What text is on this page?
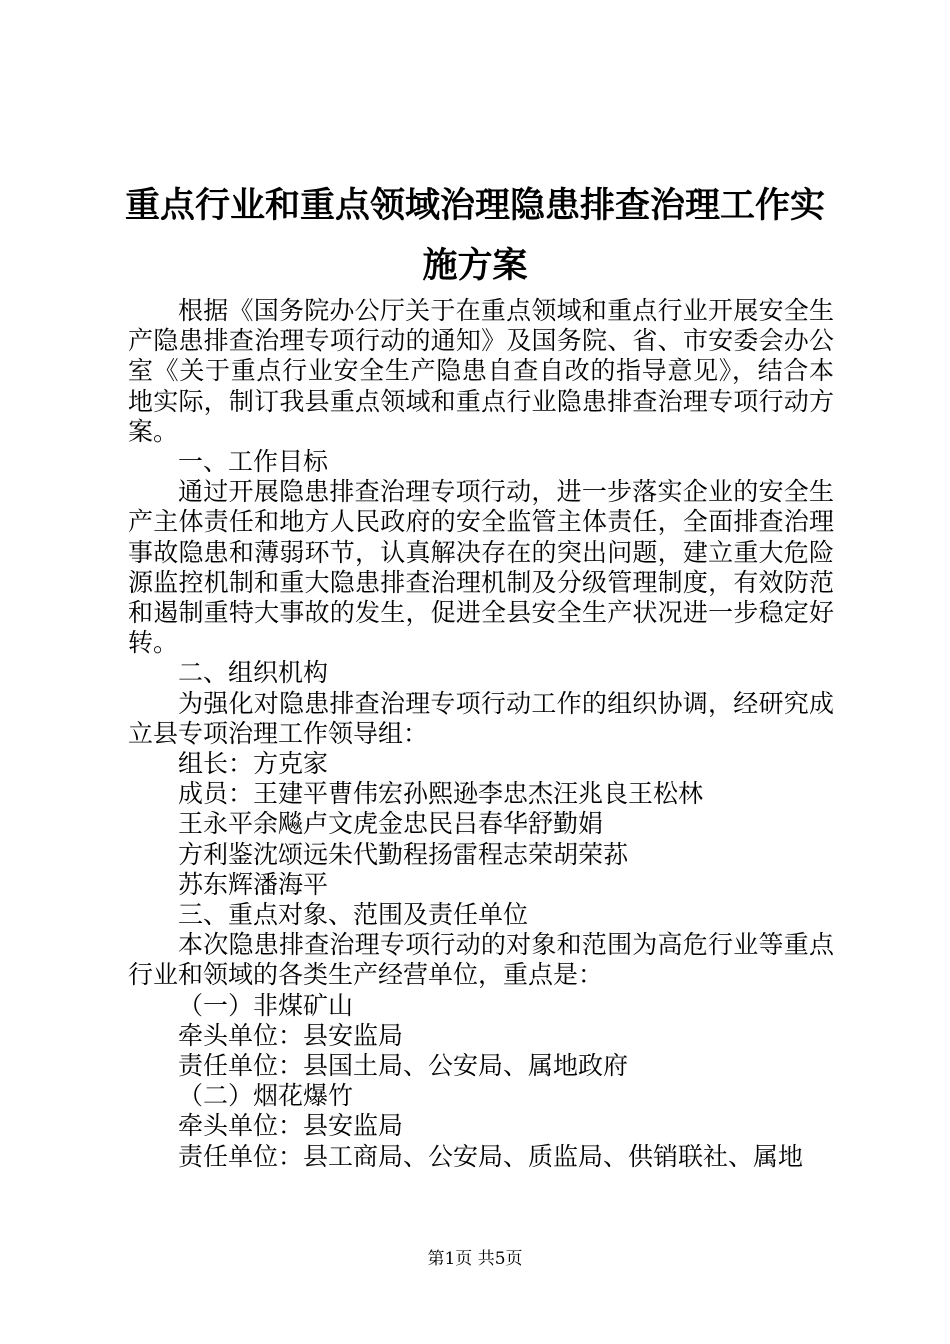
重点行业和重点领域治理隐患排查治理工作实
施方案

根据《国务院办公厅关于在重点领域和重点行业开展安全生产隐患排查治理专项行动的通知》及国务院、省、市安委会办公室《关于重点行业安全生产隐患自查自改的指导意见》，结合本地实际，制订我县重点领域和重点行业隐患排查治理专项行动方案。

一、工作目标

通过开展隐患排查治理专项行动，进一步落实企业的安全生产主体责任和地方人民政府的安全监管主体责任，全面排查治理事故隐患和薄弱环节，认真解决存在的突出问题，建立重大危险源监控机制和重大隐患排查治理机制及分级管理制度，有效防范和遏制重特大事故的发生，促进全县安全生产状况进一步稳定好转。

二、组织机构

为强化对隐患排查治理专项行动工作的组织协调，经研究成立县专项治理工作领导组：

组长：方克家

成员：王建平曹伟宏孙熙逊李忠杰汪兆良王松林

王永平余飚卢文虎金忠民吕春华舒勤娟

方利鉴沈颂远朱代勤程扬雷程志荣胡荣荪

苏东辉潘海平

三、重点对象、范围及责任单位

本次隐患排查治理专项行动的对象和范围为高危行业等重点行业和领域的各类生产经营单位，重点是：

（一）非煤矿山

牵头单位：县安监局

责任单位：县国土局、公安局、属地政府

（二）烟花爆竹

牵头单位：县安监局

责任单位：县工商局、公安局、质监局、供销联社、属地

第1页 共5页
